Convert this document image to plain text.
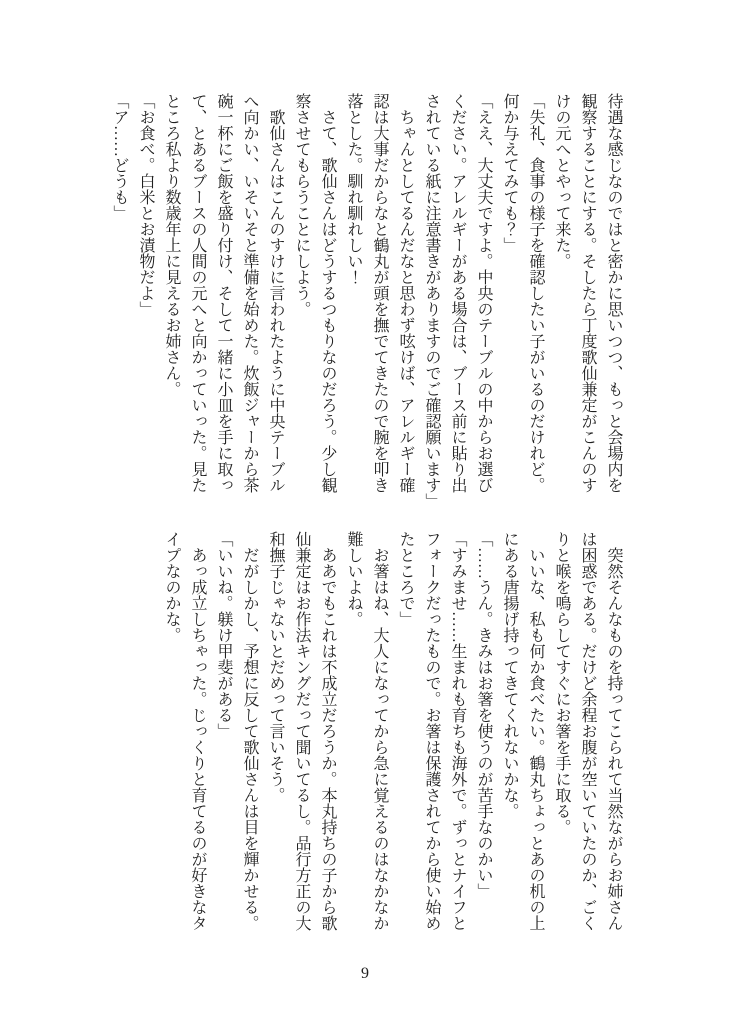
待遇な感じなのではと密かに思いつつ、もっと会場内を
観察することにする。そしたら丁度歌仙兼定がこんのす
けの元へとやって来た。
「失礼、食事の様子を確認したい子がいるのだけれど。
何か与えてみても？」
「ええ、大丈夫ですよ。中央のテーブルの中からお選び
ください。アレルギーがある場合は、ブース前に貼り出
されている紙に注意書きがありますのでご確認願います」
　ちゃんとしてるんだなと思わず呟けば、アレルギー確
認は大事だからなと鶴丸が頭を撫でてきたので腕を叩き
落とした。馴れ馴れしい！
　さて、歌仙さんはどうするつもりなのだろう。少し観
察させてもらうことにしよう。
　歌仙さんはこんのすけに言われたように中央テーブル
へ向かい、いそいそと準備を始めた。炊飯ジャーから茶
碗一杯にご飯を盛り付け、そして一緒に小皿を手に取っ
て、とあるブースの人間の元へと向かっていった。見た
ところ私より数歳年上に見えるお姉さん。
「お食べ。白米とお漬物だよ」
「ア……どうも」
　突然そんなものを持ってこられて当然ながらお姉さん
は困惑である。だけど余程お腹が空いていたのか、ごく
りと喉を鳴らしてすぐにお箸を手に取る。
　いいな、私も何か食べたい。鶴丸ちょっとあの机の上
にある唐揚げ持ってきてくれないかな。
「……うん。きみはお箸を使うのが苦手なのかい」
「すみませ……生まれも育ちも海外で。ずっとナイフと
フォークだったもので。お箸は保護されてから使い始め
たところで」
　お箸はね、大人になってから急に覚えるのはなかなか
難しいよね。
　ああでもこれは不成立だろうか。本丸持ちの子から歌
仙兼定はお作法キングだって聞いてるし。品行方正の大
和撫子じゃないとだめって言いそう。
　だがしかし、予想に反して歌仙さんは目を輝かせる。
「いいね。躾け甲斐がある」
　あっ成立しちゃった。じっくりと育てるのが好きなタ
イプなのかな。
9
